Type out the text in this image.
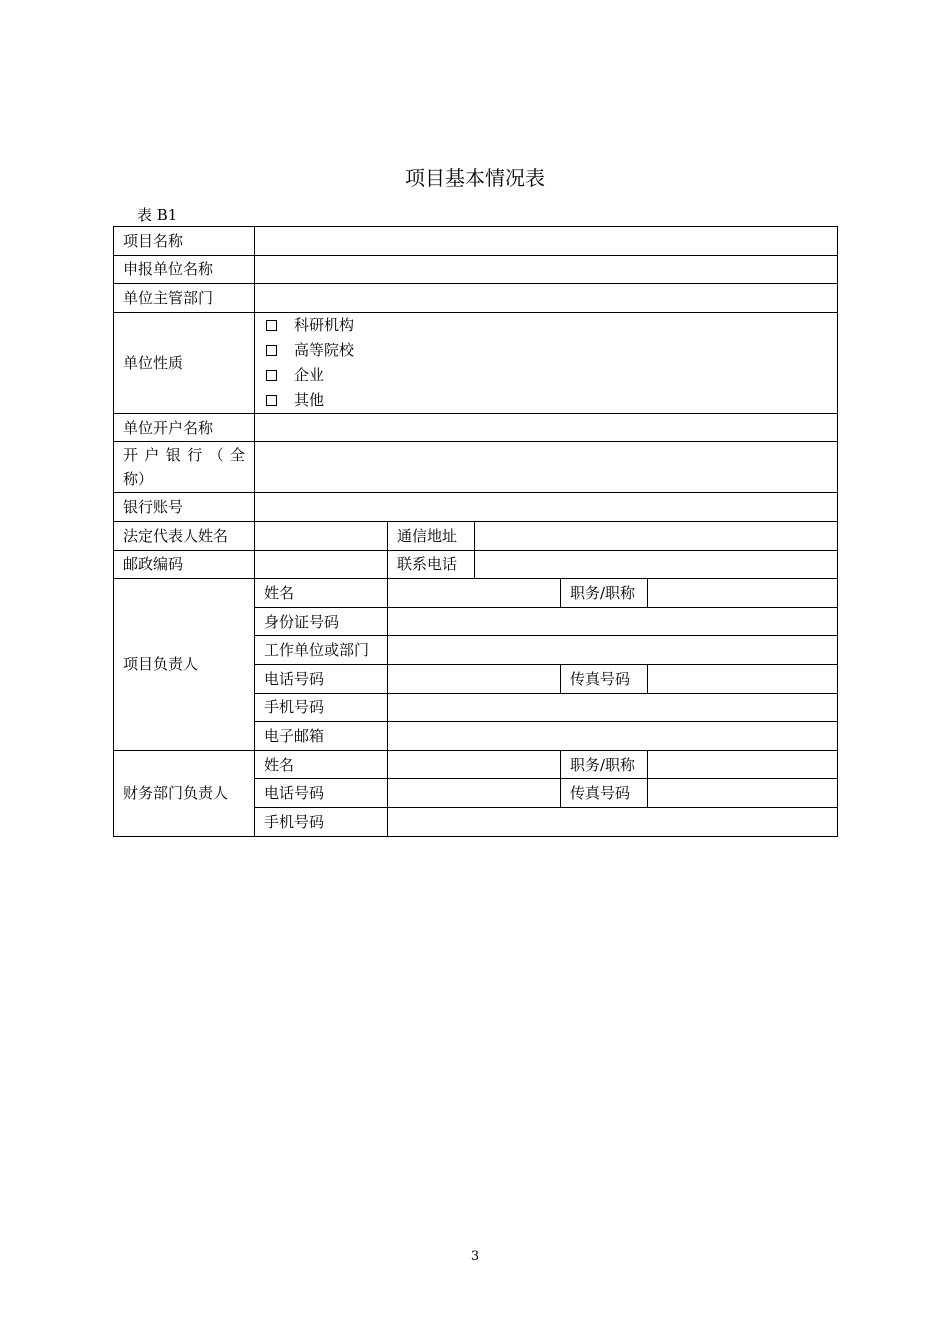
项目基本情况表
表 B1
项目名称			
申报单位名称			
单位主管部门			
单位性质	科研机构
高等院校
企业
其他		

单位开户名称			

开 户 银 行 （ 全
称）			

银行账号			
法定代表人姓名		通信地址	
邮政编码		联系电话	
项目负责人	姓名		职务/职称	
	身份证号码			
	工作单位或部门			
	电话号码		传真号码	
	手机号码			
	电子邮箱			
财务部门负责人	姓名		职务/职称	
	电话号码		传真号码	
	手机号码			
3
